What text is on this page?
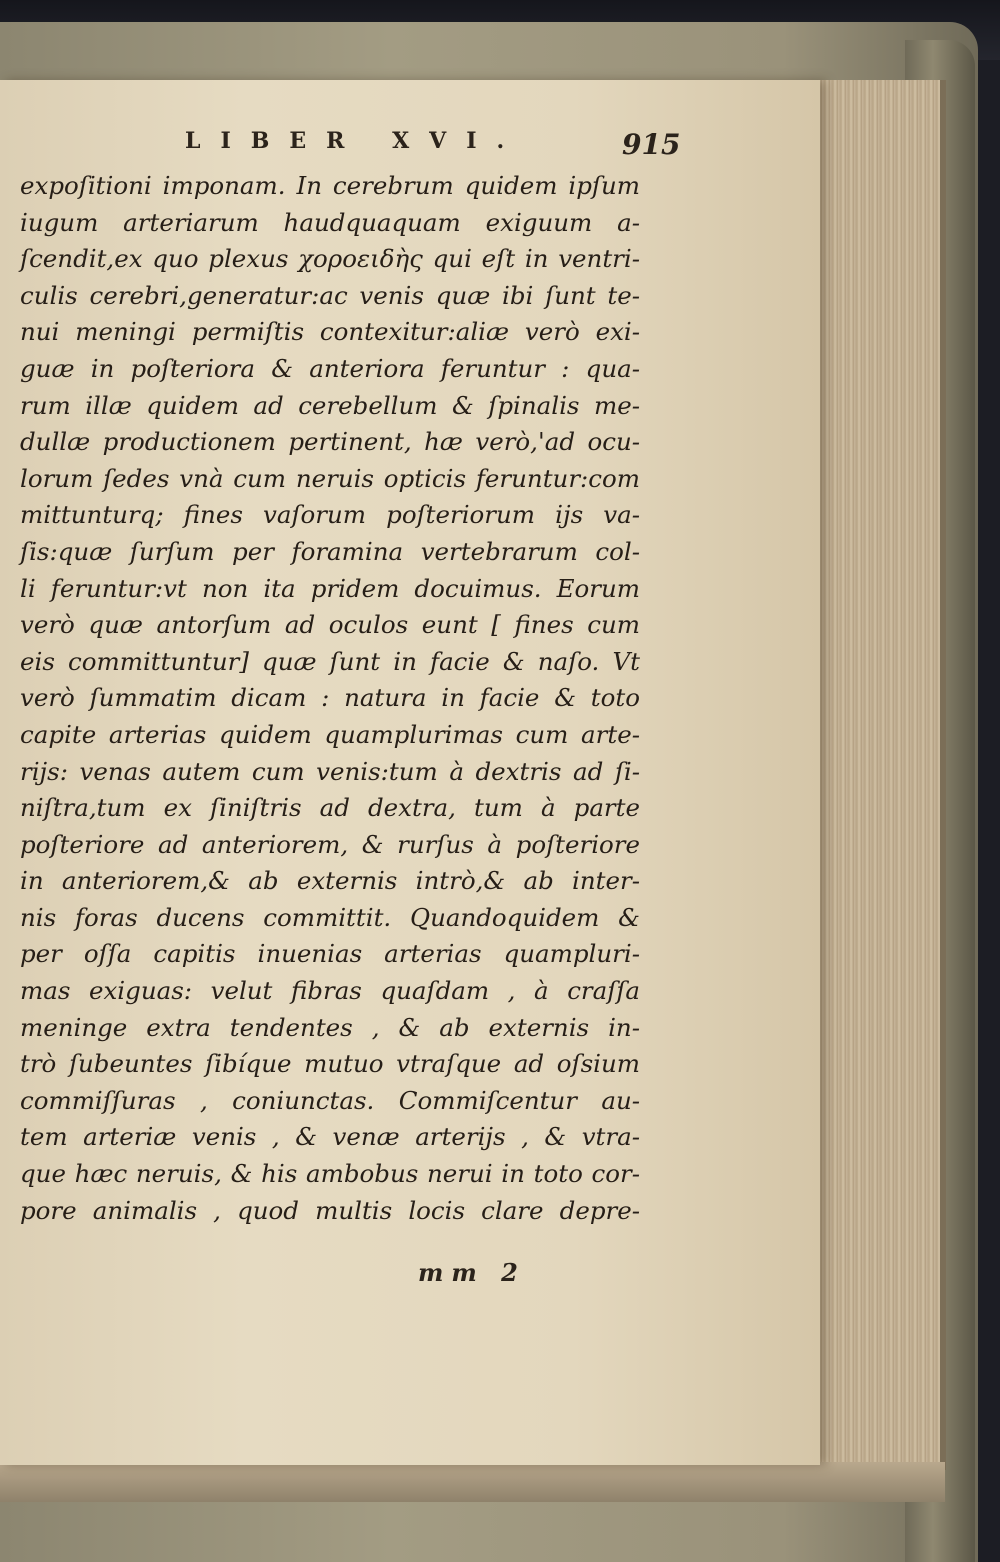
LIBER XVI.	915
expoſitioni imponam. In cerebrum quidem ipſum
iugum arteriarum haudquaquam exiguum a-
ſcendit,ex quo plexus χοροειδὴς qui eſt in ventri-
culis cerebri,generatur:ac venis quæ ibi ſunt te-
nui meningi permiſtis contexitur:aliæ verò exi-
guæ in poſteriora & anteriora feruntur : qua-
rum illæ quidem ad cerebellum & ſpinalis me-
dullæ productionem pertinent, hæ verò,'ad ocu-
lorum ſedes vnà cum neruis opticis feruntur:com
mittunturq; fines vaſorum poſteriorum ijs va-
ſis:quæ ſurſum per foramina vertebrarum col-
li feruntur:vt non ita pridem docuimus. Eorum
verò quæ antorſum ad oculos eunt [ fines cum
eis committuntur] quæ ſunt in facie & naſo. Vt
verò ſummatim dicam : natura in facie & toto
capite arterias quidem quamplurimas cum arte-
rijs: venas autem cum venis:tum à dextris ad ſi-
niſtra,tum ex ſiniſtris ad dextra, tum à parte
poſteriore ad anteriorem, & rurſus à poſteriore
in anteriorem,& ab externis intrò,& ab inter-
nis foras ducens committit. Quandoquidem &
per oſſa capitis inuenias arterias quampluri-
mas exiguas: velut fibras quaſdam , à craſſa
meninge extra tendentes , & ab externis in-
trò ſubeuntes ſibíque mutuo vtraſque ad oſsium
commiſſuras , coniunctas. Commiſcentur au-
tem arteriæ venis , & venæ arterijs , & vtra-
que hæc neruis, & his ambobus nerui in toto cor-
pore animalis , quod multis locis clare depre-
mm 2
